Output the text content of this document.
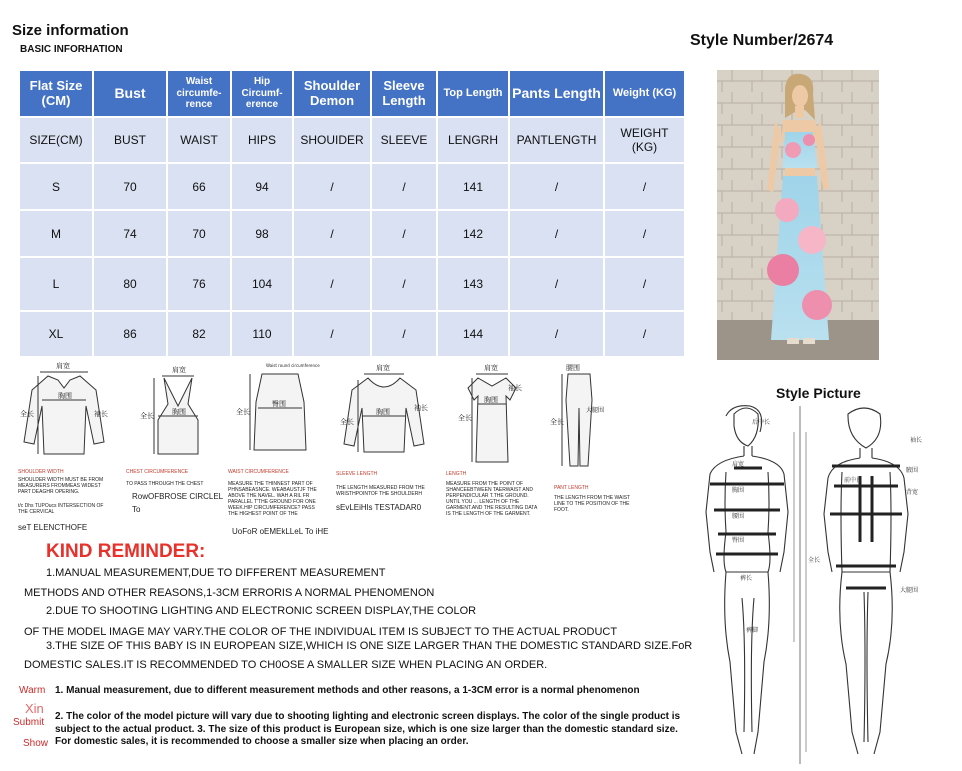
Size information
BASIC INFORHATION
Style Number/2674
Flat Size (CM)	Bust	Waist circumfe-rence	Hip Circumf-erence	Shoulder Demon	Sleeve Length	Top Length	Pants Length	Weight (KG)
SIZE(CM)	BUST	WAIST	HIPS	SHOUIDER	SLEEVE	LENGRH	PANTLENGTH	WEIGHT (KG)
S	70	66	94	/	/	141	/	/
M	74	70	98	/	/	142	/	/
L	80	76	104	/	/	143	/	/
XL	86	82	110	/	/	144	/	/
Style Picture
后中长
肩宽
胸围
腰围
臀围
袖长
裤长
全长
前中长
腋围
背宽
裤脚
大腿围
肩宽
胸围
全长	袖长
SHOULDER WIDTH
SHOULDER WIDTH MUST BE FROM MEASURERS FROMMEAS WIDEST PART DEAGHR OPERING.
t/c Dhs TUPOucs INTERSECTION OF THE CERVICAL
seT ELENCTHOFE
肩宽
胸围
全长
CHEST CIRCUMFERENCE
TO PASS THROUGH THE CHEST
RowOFBROSE CIRCLEL
To
Waist round circumference
臀围
全长
WAIST CIRCUMFERENCE
MEASURE THE THINNEST PART OF PHNSABEASNCE. WEABAUSTJF THE ABOVE THE NAVEL. WAH A RIL FR PARALLEL T'THE GROUND FOR ONE WEEK.HIP CIRCUMFERENCE? PASS THE HIGHEST POINT OF THE
UoFoR oEMEkLLeL To iHE
肩宽
胸围
全长
袖长
SLEEVE LENGTH
THE LENGTH MEASURED FROM THE WRISTHPOINTOF THE SHOULDERH
sEvLEiHls TESTADAR0
肩宽
胸围
全长
袖长
LENGTH
MEASURE FROM THE POINT OF SHANCEEBTWEEN TAERWAIST AND PERPENDICULAR T.THE GROUND. UNTIL YOU ... LENGTH OF THE GARMENT.AND THE RESULTING DATA IS THE LENGTH OF THE GARMENT.
腰围
全长
大腿围
PANT LENGTH
THE LENGTH FROM THE WAIST LINE TO THE POSITION OF THE FOOT.
KIND REMINDER:
1.MANUAL MEASUREMENT,DUE TO DIFFERENT MEASUREMENT
METHODS AND OTHER REASONS,1-3CM ERRORIS A NORMAL PHENOMENON
2.DUE TO SHOOTING LIGHTING AND ELECTRONIC SCREEN DISPLAY,THE COLOR
OF THE MODEL IMAGE MAY VARY.THE COLOR OF THE INDIVIDUAL ITEM IS SUBJECT TO THE ACTUAL PRODUCT
3.THE SIZE OF THIS BABY IS IN EUROPEAN SIZE,WHICH IS ONE SIZE LARGER THAN THE DOMESTIC STANDARD SIZE.FoR
DOMESTIC SALES.IT IS RECOMMENDED TO CH0OSE A SMALLER SIZE WHEN PLACING AN ORDER.
Warm
Xin
Submit
Show
1. Manual measurement, due to different measurement methods and other reasons, a 1-3CM error is a normal phenomenon
2. The color of the model picture will vary due to shooting lighting and electronic screen displays. The color of the single product is subject to the actual product. 3. The size of this product is European size, which is one size larger than the domestic standard size. For domestic sales, it is recommended to choose a smaller size when placing an order.
